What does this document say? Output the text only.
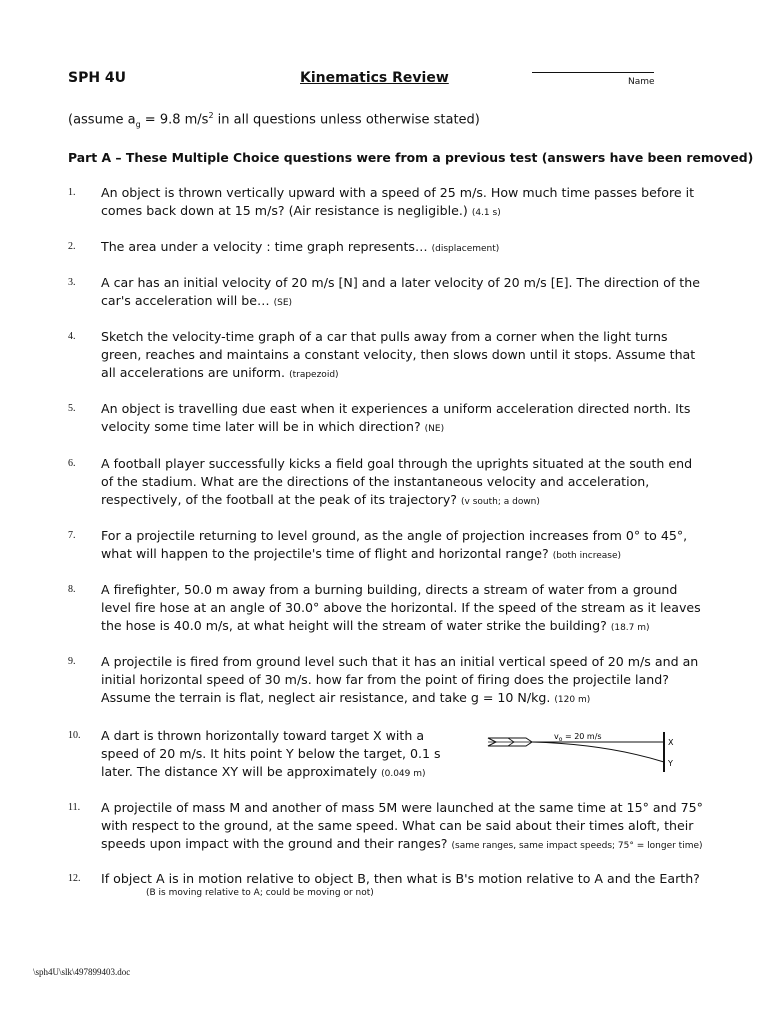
SPH 4U	Kinematics Review	Name
(assume $a_g = 9.8$ $m/s^2$ in all questions unless otherwise stated)
Part A – These Multiple Choice questions were from a previous test (answers have been removed)
1. An object is thrown vertically upward with a speed of 25 m/s. How much time passes before it comes back down at 15 m/s? (Air resistance is negligible.) (4.1 s)
2. The area under a velocity : time graph represents… (displacement)
3. A car has an initial velocity of 20 m/s [N] and a later velocity of 20 m/s [E]. The direction of the car's acceleration will be… (SE)
4. Sketch the velocity-time graph of a car that pulls away from a corner when the light turns green, reaches and maintains a constant velocity, then slows down until it stops. Assume that all accelerations are uniform. (trapezoid)
5. An object is travelling due east when it experiences a uniform acceleration directed north. Its velocity some time later will be in which direction? (NE)
6. A football player successfully kicks a field goal through the uprights situated at the south end of the stadium. What are the directions of the instantaneous velocity and acceleration, respectively, of the football at the peak of its trajectory? (v south; a down)
7. For a projectile returning to level ground, as the angle of projection increases from 0° to 45°, what will happen to the projectile's time of flight and horizontal range? (both increase)
8. A firefighter, 50.0 m away from a burning building, directs a stream of water from a ground level fire hose at an angle of 30.0° above the horizontal. If the speed of the stream as it leaves the hose is 40.0 m/s, at what height will the stream of water strike the building? (18.7 m)
9. A projectile is fired from ground level such that it has an initial vertical speed of 20 m/s and an initial horizontal speed of 30 m/s. how far from the point of firing does the projectile land? Assume the terrain is flat, neglect air resistance, and take g = 10 N/kg. (120 m)
10. A dart is thrown horizontally toward target X with a speed of 20 m/s. It hits point Y below the target, 0.1 s later. The distance XY will be approximately (0.049 m)
$v_o = 20$ m/s
X
Y
11. A projectile of mass M and another of mass 5M were launched at the same time at 15° and 75° with respect to the ground, at the same speed. What can be said about their times aloft, their speeds upon impact with the ground and their ranges? (same ranges, same impact speeds; 75° = longer time)
12. If object A is in motion relative to object B, then what is B's motion relative to A and the Earth?
(B is moving relative to A; could be moving or not)
\sph4U\slk\497899403.doc
